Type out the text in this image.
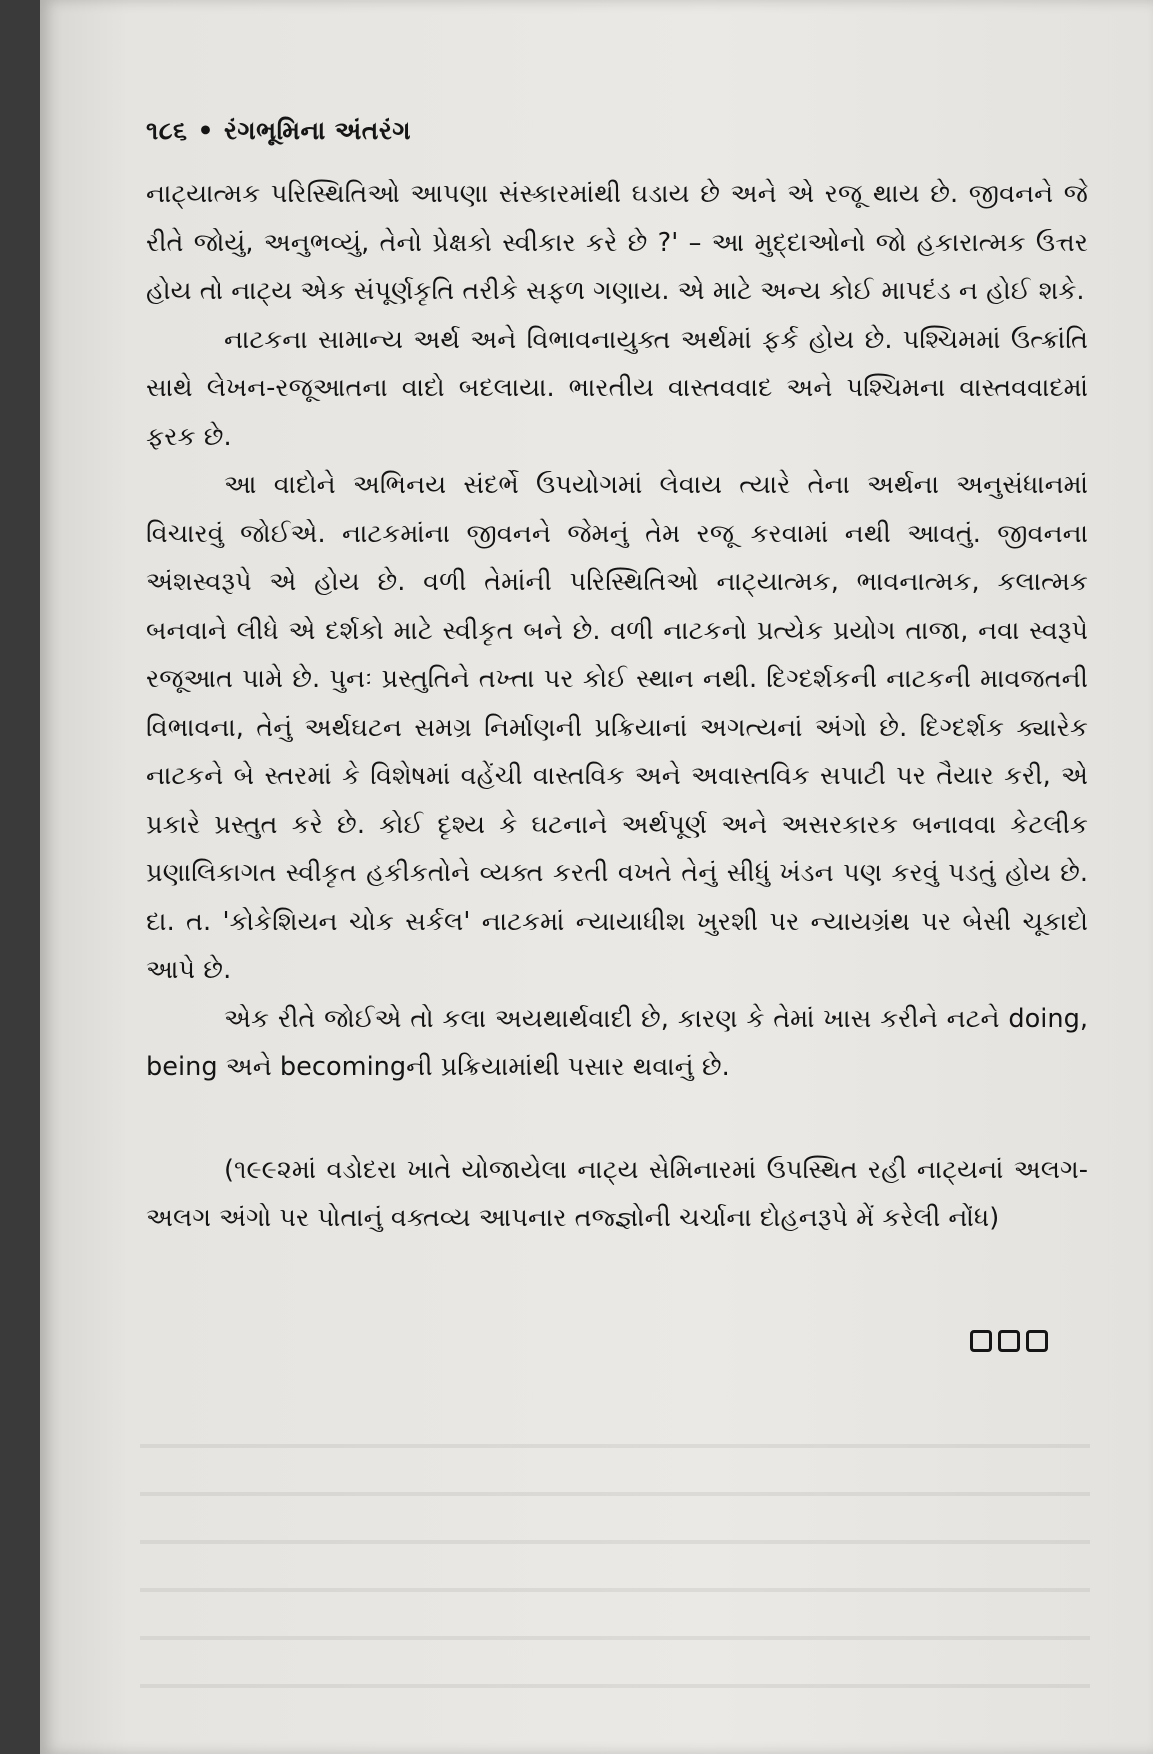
૧૮૬ • રંગભૂમિના અંતરંગ

નાટ્યાત્મક પરિસ્થિતિઓ આપણા સંસ્કારમાંથી ઘડાય છે અને એ રજૂ થાય છે. જીવનને જે રીતે જોયું, અનુભવ્યું, તેનો પ્રેક્ષકો સ્વીકાર કરે છે ?' – આ મુદ્દાઓનો જો હકારાત્મક ઉત્તર હોય તો નાટ્ય એક સંપૂર્ણકૃતિ તરીકે સફળ ગણાય. એ માટે અન્ય કોઈ માપદંડ ન હોઈ શકે.

નાટકના સામાન્ય અર્થ અને વિભાવનાયુક્ત અર્થમાં ફર્ક હોય છે. પશ્ચિમમાં ઉત્ક્રાંતિ સાથે લેખન-રજૂઆતના વાદો બદલાયા. ભારતીય વાસ્તવવાદ અને પશ્ચિમના વાસ્તવવાદમાં ફરક છે.

આ વાદોને અભિનય સંદર્ભે ઉપયોગમાં લેવાય ત્યારે તેના અર્થના અનુસંધાનમાં વિચારવું જોઈએ. નાટકમાંના જીવનને જેમનું તેમ રજૂ કરવામાં નથી આવતું. જીવનના અંશસ્વરૂપે એ હોય છે. વળી તેમાંની પરિસ્થિતિઓ નાટ્યાત્મક, ભાવનાત્મક, કલાત્મક બનવાને લીધે એ દર્શકો માટે સ્વીકૃત બને છે. વળી નાટકનો પ્રત્યેક પ્રયોગ તાજા, નવા સ્વરૂપે રજૂઆત પામે છે. પુનઃ પ્રસ્તુતિને તખ્તા પર કોઈ સ્થાન નથી. દિગ્દર્શકની નાટકની માવજતની વિભાવના, તેનું અર્થઘટન સમગ્ર નિર્માણની પ્રક્રિયાનાં અગત્યનાં અંગો છે. દિગ્દર્શક ક્યારેક નાટકને બે સ્તરમાં કે વિશેષમાં વહેંચી વાસ્તવિક અને અવાસ્તવિક સપાટી પર તૈયાર કરી, એ પ્રકારે પ્રસ્તુત કરે છે. કોઈ દૃશ્ય કે ઘટનાને અર્થપૂર્ણ અને અસરકારક બનાવવા કેટલીક પ્રણાલિકાગત સ્વીકૃત હકીકતોને વ્યક્ત કરતી વખતે તેનું સીધું ખંડન પણ કરવું પડતું હોય છે. દા. ત. 'કોકેશિયન ચોક સર્કલ' નાટકમાં ન્યાયાધીશ ખુરશી પર ન્યાયગ્રંથ પર બેસી ચૂકાદો આપે છે.

એક રીતે જોઈએ તો કલા અયથાર્થવાદી છે, કારણ કે તેમાં ખાસ કરીને નટને doing, being અને becomingની પ્રક્રિયામાંથી પસાર થવાનું છે.

(૧૯૯૨માં વડોદરા ખાતે યોજાયેલા નાટ્ય સેમિનારમાં ઉપસ્થિત રહી નાટ્યનાં અલગ-અલગ અંગો પર પોતાનું વક્તવ્ય આપનાર તજ્જ્ઞોની ચર્ચાના દોહનરૂપે મેં કરેલી નોંધ)
